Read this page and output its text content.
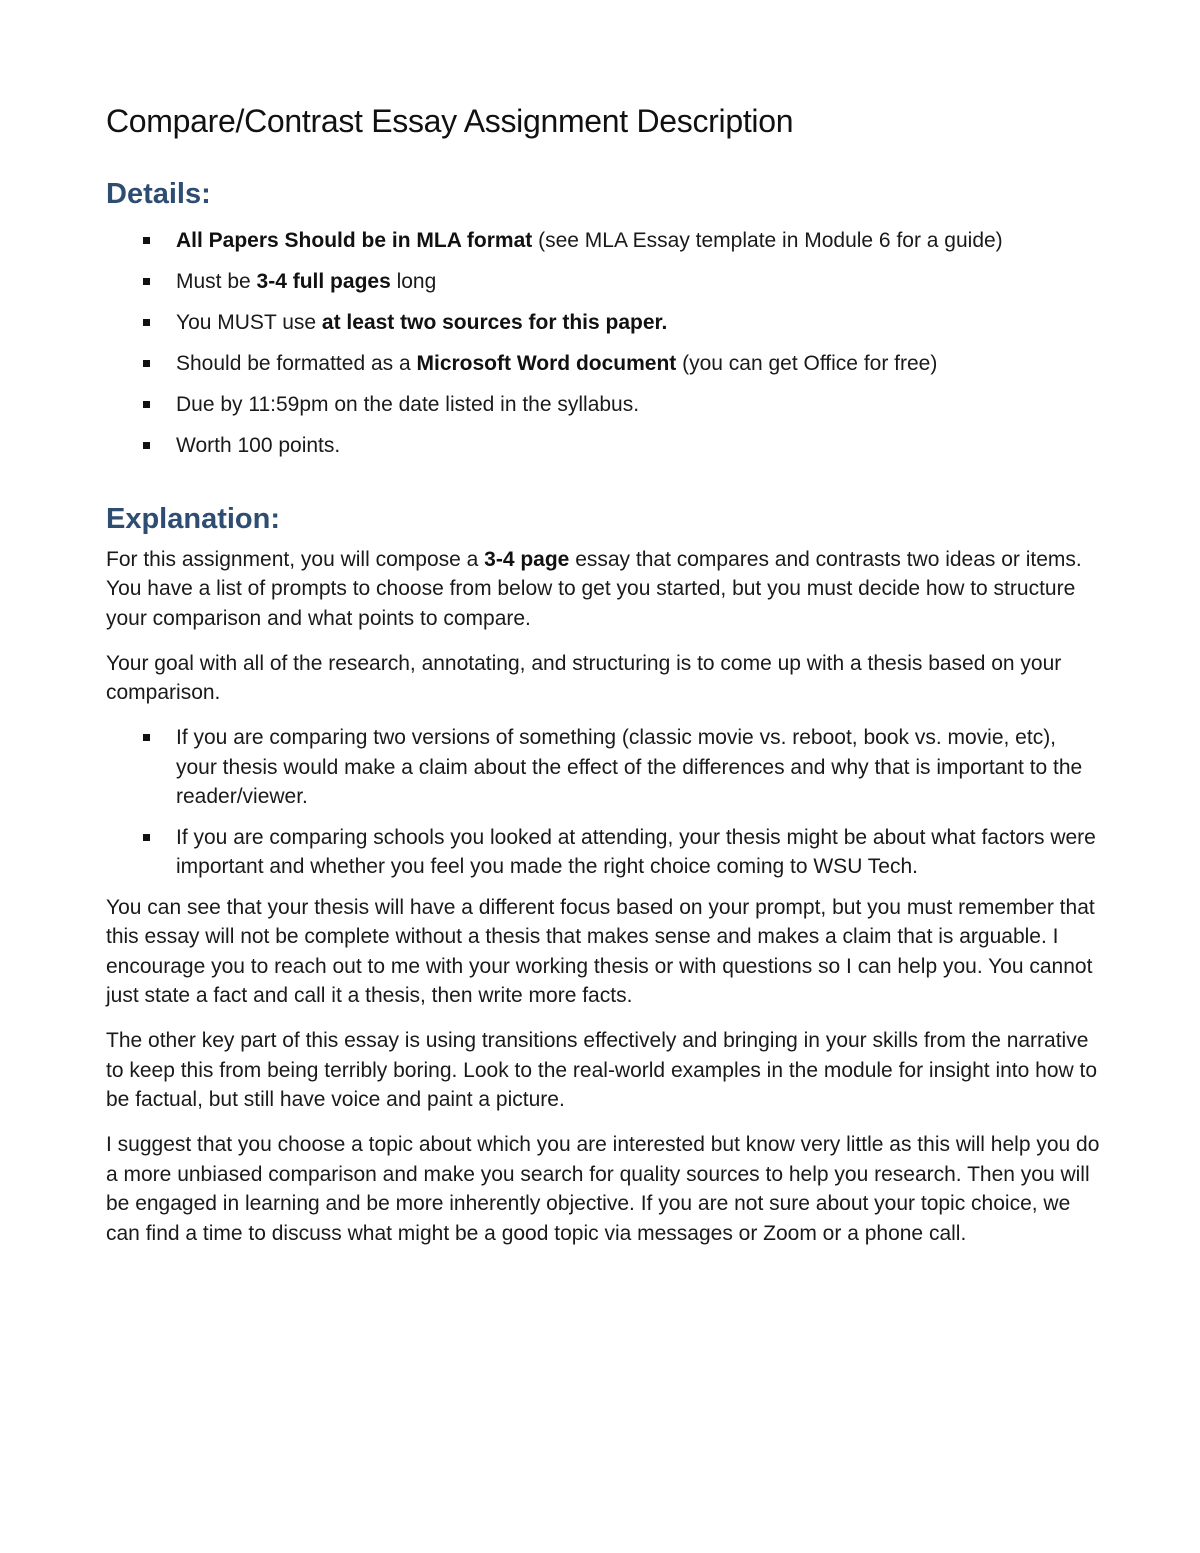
Compare/Contrast Essay Assignment Description
Details:
All Papers Should be in MLA format (see MLA Essay template in Module 6 for a guide)
Must be 3-4 full pages long
You MUST use at least two sources for this paper.
Should be formatted as a Microsoft Word document (you can get Office for free)
Due by 11:59pm on the date listed in the syllabus.
Worth 100 points.
Explanation:

For this assignment, you will compose a 3-4 page essay that compares and contrasts two ideas or items. You have a list of prompts to choose from below to get you started, but you must decide how to structure your comparison and what points to compare.

Your goal with all of the research, annotating, and structuring is to come up with a thesis based on your comparison.

If you are comparing two versions of something (classic movie vs. reboot, book vs. movie, etc), your thesis would make a claim about the effect of the differences and why that is important to the reader/viewer.
If you are comparing schools you looked at attending, your thesis might be about what factors were important and whether you feel you made the right choice coming to WSU Tech.

You can see that your thesis will have a different focus based on your prompt, but you must remember that this essay will not be complete without a thesis that makes sense and makes a claim that is arguable. I encourage you to reach out to me with your working thesis or with questions so I can help you. You cannot just state a fact and call it a thesis, then write more facts.

The other key part of this essay is using transitions effectively and bringing in your skills from the narrative to keep this from being terribly boring. Look to the real-world examples in the module for insight into how to be factual, but still have voice and paint a picture.

I suggest that you choose a topic about which you are interested but know very little as this will help you do a more unbiased comparison and make you search for quality sources to help you research. Then you will be engaged in learning and be more inherently objective. If you are not sure about your topic choice, we can find a time to discuss what might be a good topic via messages or Zoom or a phone call.
